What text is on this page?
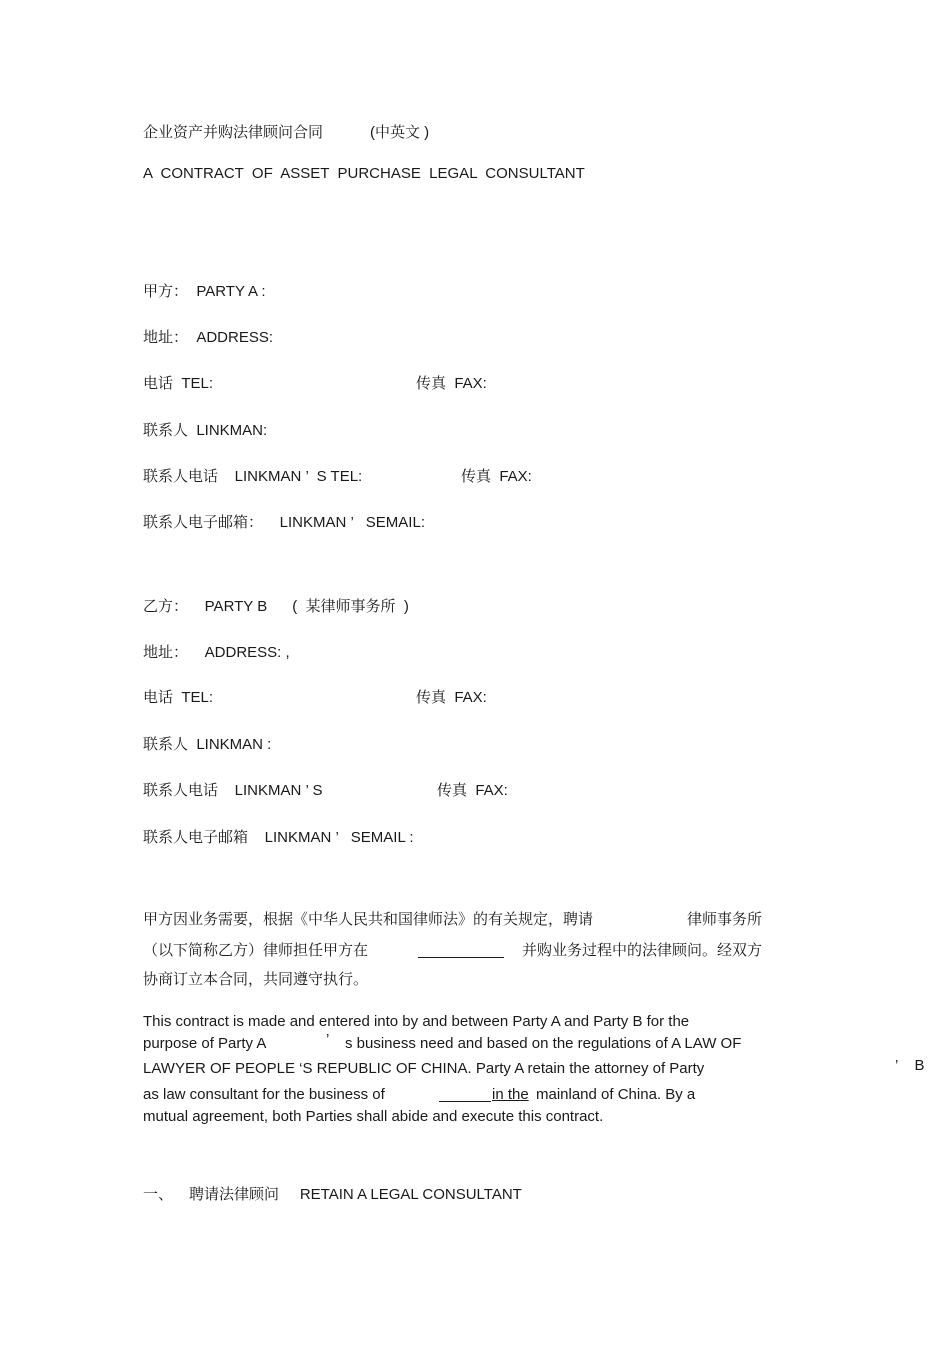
企业资产并购法律顾问合同	(中英文 )
A  CONTRACT  OF  ASSET  PURCHASE  LEGAL  CONSULTANT
甲方：  PARTY A :
地址：  ADDRESS:
电话  TEL:	传真  FAX:
联系人  LINKMAN:
联系人电话    LINKMAN ’  S TEL:	传真  FAX:
联系人电子邮箱：    LINKMAN ’   SEMAIL:
乙方：    PARTY B      (  某律师事务所  )
地址：    ADDRESS: ,
电话  TEL:	传真  FAX:
联系人  LINKMAN :
联系人电话    LINKMAN ’ S	传真  FAX:
联系人电子邮箱    LINKMAN ’   SEMAIL :
甲方因业务需要，根据《中华人民共和国律师法》的有关规定，聘请	律师事务所
（以下简称乙方）律师担任甲方在	并购业务过程中的法律顾问。经双方
协商订立本合同，共同遵守执行。
This contract is made and entered into by and between Party A and Party B for the
purpose of Party A	’ s business need and based on the regulations of A LAW OF
LAWYER OF PEOPLE ‘S REPUBLIC OF CHINA. Party A retain the attorney of Party	’    B
as law consultant for the business of	in the mainland of China. By a
mutual agreement, both Parties shall abide and execute this contract.
一、 聘请法律顾问     RETAIN A LEGAL CONSULTANT
